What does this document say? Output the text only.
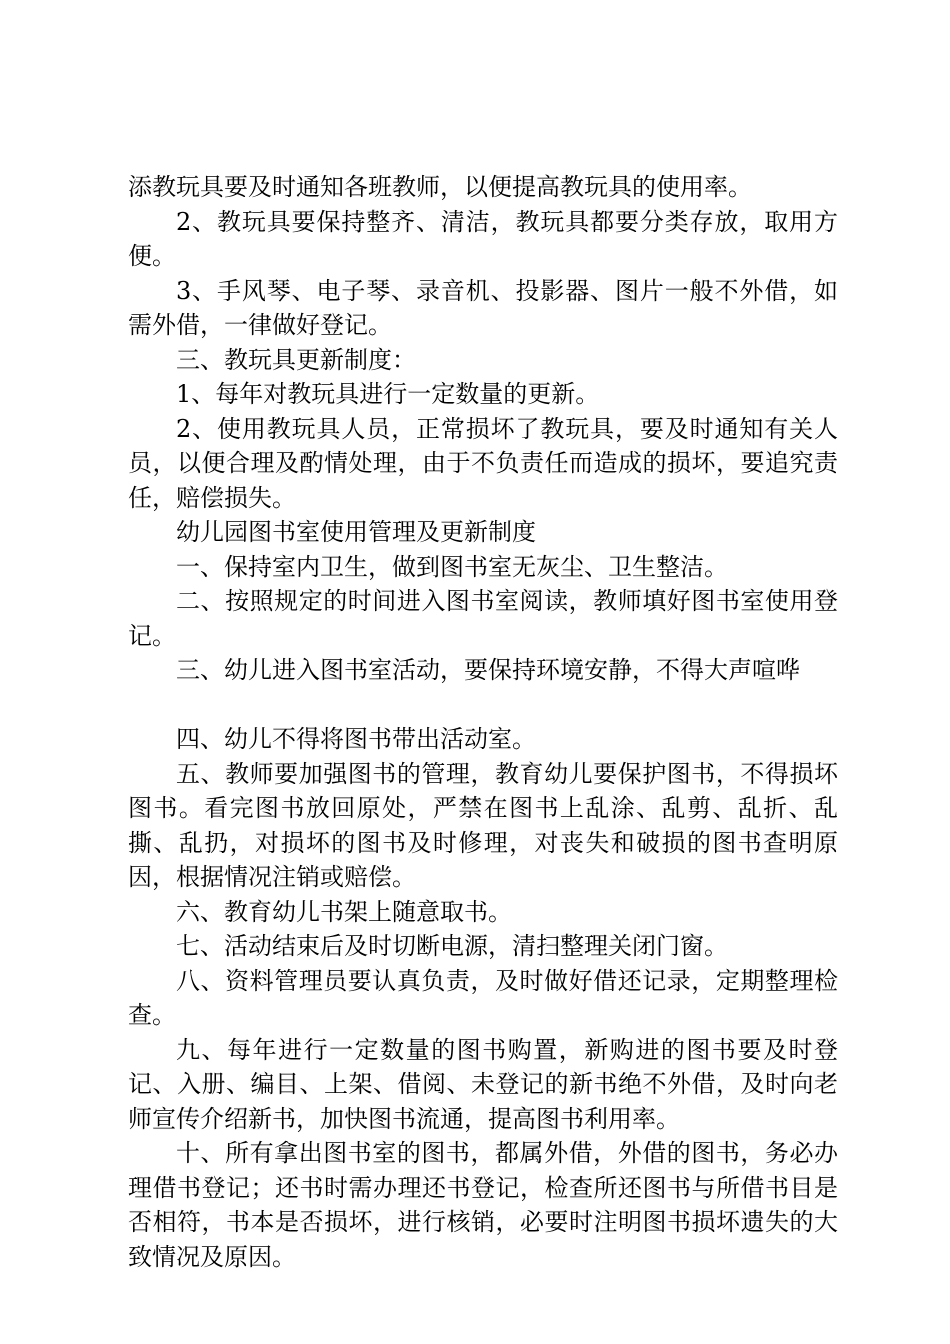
添教玩具要及时通知各班教师，以便提高教玩具的使用率。

2、教玩具要保持整齐、清洁，教玩具都要分类存放，取用方便。

3、手风琴、电子琴、录音机、投影器、图片一般不外借，如需外借，一律做好登记。

三、教玩具更新制度：

1、每年对教玩具进行一定数量的更新。

2、使用教玩具人员，正常损坏了教玩具，要及时通知有关人员，以便合理及酌情处理，由于不负责任而造成的损坏，要追究责任，赔偿损失。

幼儿园图书室使用管理及更新制度

一、保持室内卫生，做到图书室无灰尘、卫生整洁。

二、按照规定的时间进入图书室阅读，教师填好图书室使用登记。

三、幼儿进入图书室活动，要保持环境安静，不得大声喧哗

四、幼儿不得将图书带出活动室。

五、教师要加强图书的管理，教育幼儿要保护图书，不得损坏图书。看完图书放回原处，严禁在图书上乱涂、乱剪、乱折、乱撕、乱扔，对损坏的图书及时修理，对丧失和破损的图书查明原因，根据情况注销或赔偿。

六、教育幼儿书架上随意取书。

七、活动结束后及时切断电源，清扫整理关闭门窗。

八、资料管理员要认真负责，及时做好借还记录，定期整理检查。

九、每年进行一定数量的图书购置，新购进的图书要及时登记、入册、编目、上架、借阅、未登记的新书绝不外借，及时向老师宣传介绍新书，加快图书流通，提高图书利用率。

十、所有拿出图书室的图书，都属外借，外借的图书，务必办理借书登记；还书时需办理还书登记，检查所还图书与所借书目是否相符，书本是否损坏，进行核销，必要时注明图书损坏遗失的大致情况及原因。
